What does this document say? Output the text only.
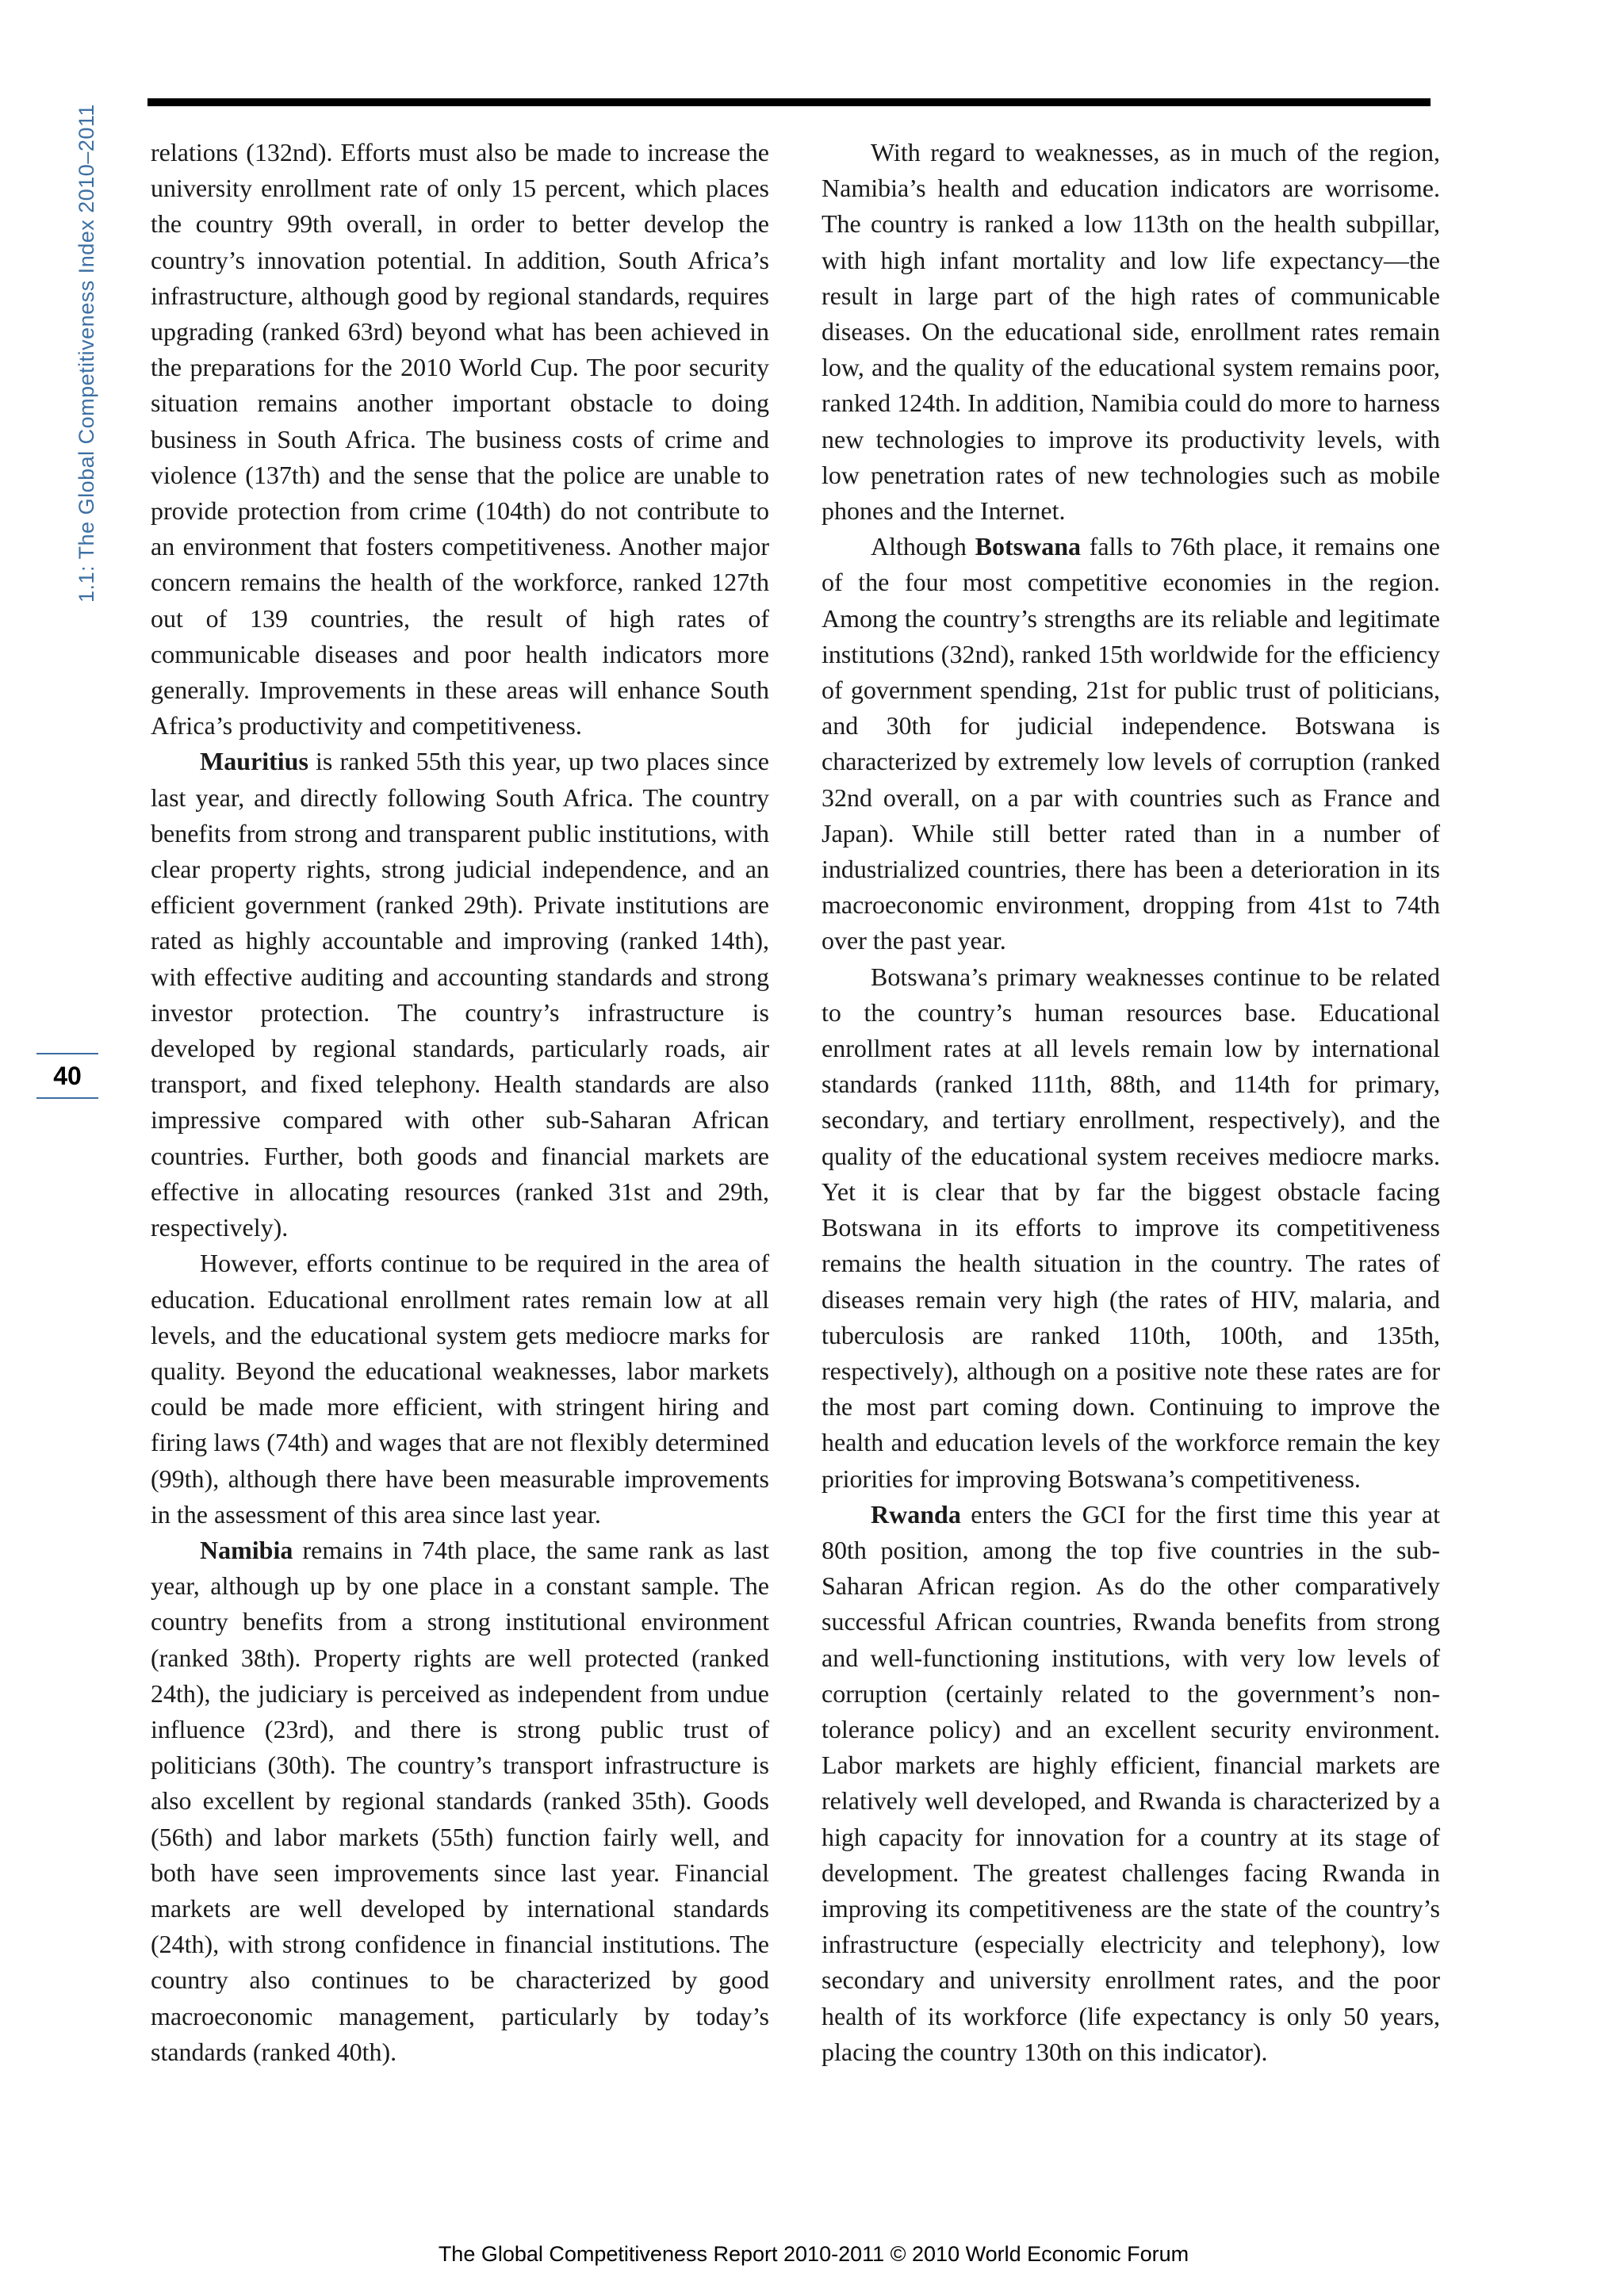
1.1: The Global Competitiveness Index 2010–2011
40

relations (132nd). Efforts must also be made to increase the university enrollment rate of only 15 percent, which places the country 99th overall, in order to better develop the country’s innovation potential. In addition, South Africa’s infrastructure, although good by regional standards, requires upgrading (ranked 63rd) beyond what has been achieved in the preparations for the 2010 World Cup. The poor security situation remains another important obstacle to doing business in South Africa. The business costs of crime and violence (137th) and the sense that the police are unable to provide protection from crime (104th) do not contribute to an environment that fosters competitiveness. Another major concern remains the health of the workforce, ranked 127th out of 139 countries, the result of high rates of communicable diseases and poor health indicators more generally. Improvements in these areas will enhance South Africa’s productivity and competitiveness.

Mauritius is ranked 55th this year, up two places since last year, and directly following South Africa. The country benefits from strong and transparent public institutions, with clear property rights, strong judicial independence, and an efficient government (ranked 29th). Private institutions are rated as highly accountable and improving (ranked 14th), with effective auditing and accounting standards and strong investor protection. The country’s infrastructure is developed by regional standards, particularly roads, air transport, and fixed telephony. Health standards are also impressive compared with other sub-Saharan African countries. Further, both goods and financial markets are effective in allocating resources (ranked 31st and 29th, respectively).

However, efforts continue to be required in the area of education. Educational enrollment rates remain low at all levels, and the educational system gets mediocre marks for quality. Beyond the educational weaknesses, labor markets could be made more efficient, with stringent hiring and firing laws (74th) and wages that are not flexibly determined (99th), although there have been measurable improvements in the assessment of this area since last year.

Namibia remains in 74th place, the same rank as last year, although up by one place in a constant sample. The country benefits from a strong institutional environment (ranked 38th). Property rights are well protected (ranked 24th), the judiciary is perceived as independent from undue influence (23rd), and there is strong public trust of politicians (30th). The country’s transport infrastructure is also excellent by regional standards (ranked 35th). Goods (56th) and labor markets (55th) function fairly well, and both have seen improvements since last year. Financial markets are well developed by international standards (24th), with strong confidence in financial institutions. The country also continues to be characterized by good macroeconomic management, particularly by today’s standards (ranked 40th).

With regard to weaknesses, as in much of the region, Namibia’s health and education indicators are worrisome. The country is ranked a low 113th on the health subpillar, with high infant mortality and low life expectancy—the result in large part of the high rates of communicable diseases. On the educational side, enrollment rates remain low, and the quality of the educational system remains poor, ranked 124th. In addition, Namibia could do more to harness new technologies to improve its productivity levels, with low penetration rates of new technologies such as mobile phones and the Internet.

Although Botswana falls to 76th place, it remains one of the four most competitive economies in the region. Among the country’s strengths are its reliable and legitimate institutions (32nd), ranked 15th worldwide for the efficiency of government spending, 21st for public trust of politicians, and 30th for judicial independence. Botswana is characterized by extremely low levels of corruption (ranked 32nd overall, on a par with countries such as France and Japan). While still better rated than in a number of industrialized countries, there has been a deterioration in its macroeconomic environment, dropping from 41st to 74th over the past year.

Botswana’s primary weaknesses continue to be related to the country’s human resources base. Educational enrollment rates at all levels remain low by international standards (ranked 111th, 88th, and 114th for primary, secondary, and tertiary enrollment, respectively), and the quality of the educational system receives mediocre marks. Yet it is clear that by far the biggest obstacle facing Botswana in its efforts to improve its competitiveness remains the health situation in the country. The rates of diseases remain very high (the rates of HIV, malaria, and tuberculosis are ranked 110th, 100th, and 135th, respectively), although on a positive note these rates are for the most part coming down. Continuing to improve the health and education levels of the workforce remain the key priorities for improving Botswana’s competitiveness.

Rwanda enters the GCI for the first time this year at 80th position, among the top five countries in the sub-Saharan African region. As do the other comparatively successful African countries, Rwanda benefits from strong and well-functioning institutions, with very low levels of corruption (certainly related to the government’s non-tolerance policy) and an excellent security environment. Labor markets are highly efficient, financial markets are relatively well developed, and Rwanda is characterized by a high capacity for innovation for a country at its stage of development. The greatest challenges facing Rwanda in improving its competitiveness are the state of the country’s infrastructure (especially electricity and telephony), low secondary and university enrollment rates, and the poor health of its workforce (life expectancy is only 50 years, placing the country 130th on this indicator).

The Global Competitiveness Report 2010-2011 © 2010 World Economic Forum
